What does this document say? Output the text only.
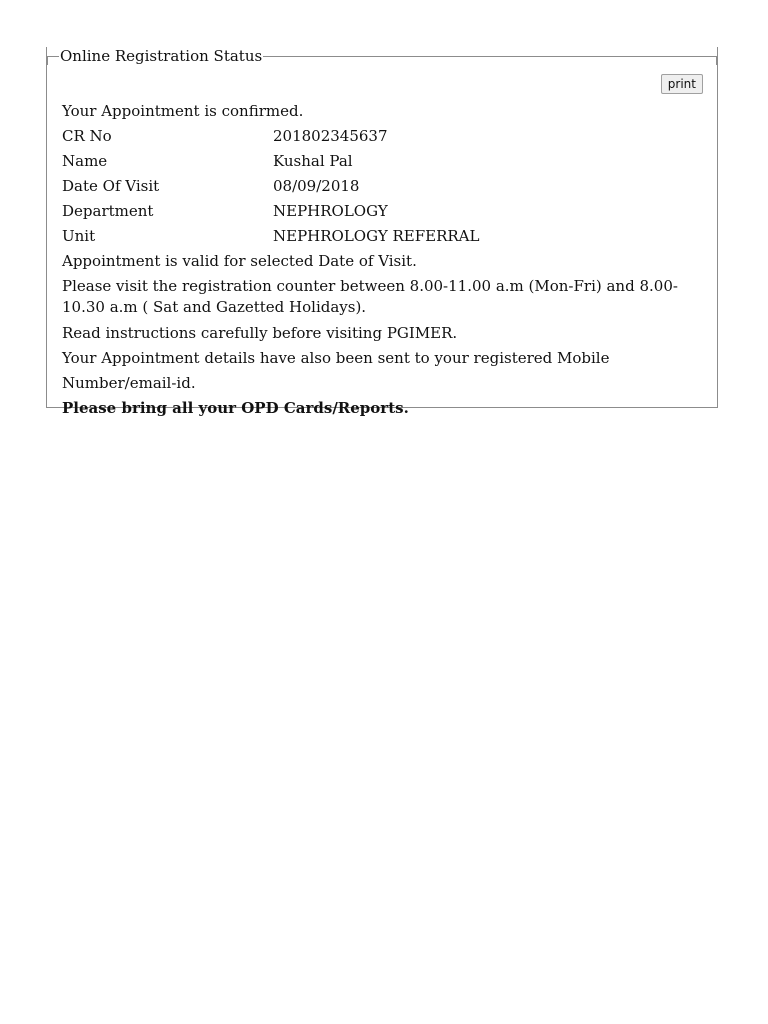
Online Registration Status
print

Your Appointment is confirmed.

CR No	201802345637
Name	Kushal Pal
Date Of Visit	08/09/2018
Department	NEPHROLOGY
Unit	NEPHROLOGY REFERRAL

Appointment is valid for selected Date of Visit.

Please visit the registration counter between 8.00-11.00 a.m (Mon-Fri) and 8.00-10.30 a.m ( Sat and Gazetted Holidays).

Read instructions carefully before visiting PGIMER.

Your Appointment details have also been sent to your registered Mobile Number/email-id.

Please bring all your OPD Cards/Reports.
